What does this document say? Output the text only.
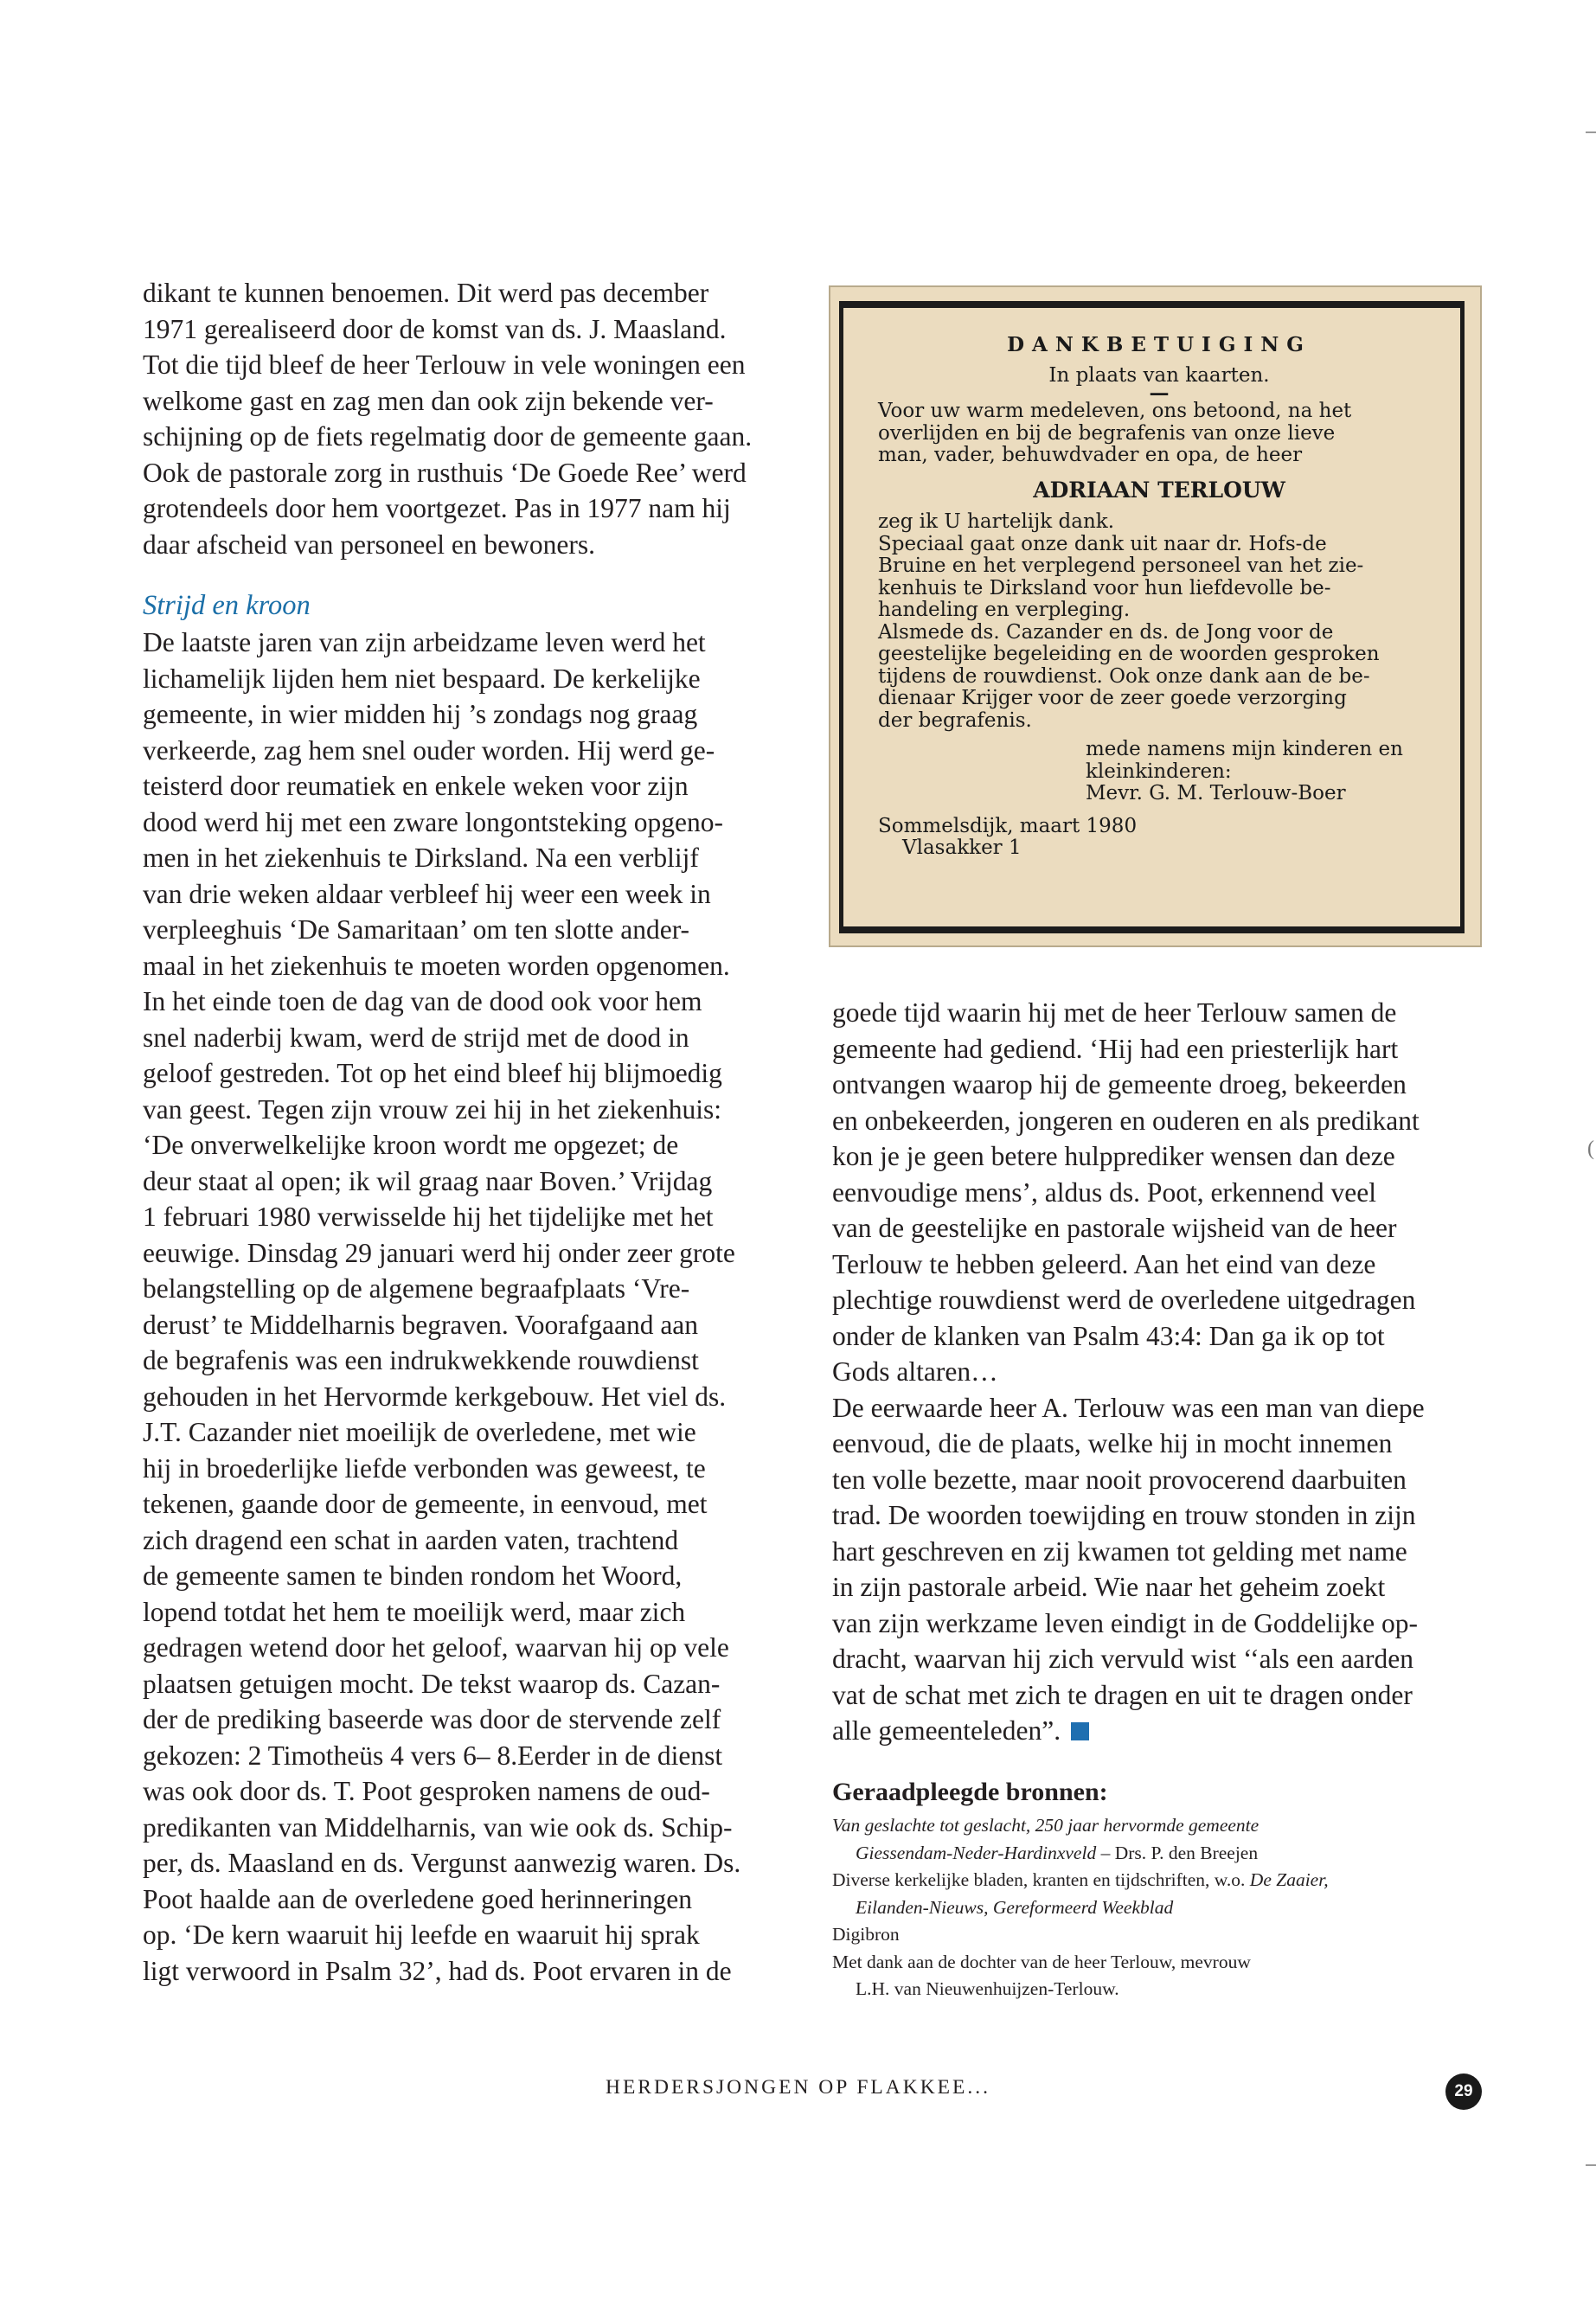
(

dikant te kunnen benoemen. Dit werd pas december

1971 gerealiseerd door de komst van ds. J. Maasland.

Tot die tijd bleef de heer Terlouw in vele woningen een

welkome gast en zag men dan ook zijn bekende ver-

schijning op de fiets regelmatig door de gemeente gaan.

Ook de pastorale zorg in rusthuis ‘De Goede Ree’ werd

grotendeels door hem voortgezet. Pas in 1977 nam hij

daar afscheid van personeel en bewoners.

Strijd en kroon

De laatste jaren van zijn arbeidzame leven werd het

lichamelijk lijden hem niet bespaard. De kerkelijke

gemeente, in wier midden hij ’s zondags nog graag

verkeerde, zag hem snel ouder worden. Hij werd ge-

teisterd door reumatiek en enkele weken voor zijn

dood werd hij met een zware longontsteking opgeno-

men in het ziekenhuis te Dirksland. Na een verblijf

van drie weken aldaar verbleef hij weer een week in

verpleeghuis ‘De Samaritaan’ om ten slotte ander-

maal in het ziekenhuis te moeten worden opgenomen.

In het einde toen de dag van de dood ook voor hem

snel naderbij kwam, werd de strijd met de dood in

geloof gestreden. Tot op het eind bleef hij blijmoedig

van geest. Tegen zijn vrouw zei hij in het ziekenhuis:

‘De onverwelkelijke kroon wordt me opgezet; de

deur staat al open; ik wil graag naar Boven.’ Vrijdag

1 februari 1980 verwisselde hij het tijdelijke met het

eeuwige. Dinsdag 29 januari werd hij onder zeer grote

belangstelling op de algemene begraafplaats ‘Vre-

derust’ te Middelharnis begraven. Voorafgaand aan

de begrafenis was een indrukwekkende rouwdienst

gehouden in het Hervormde kerkgebouw. Het viel ds.

J.T. Cazander niet moeilijk de overledene, met wie

hij in broederlijke liefde verbonden was geweest, te

tekenen, gaande door de gemeente, in eenvoud, met

zich dragend een schat in aarden vaten, trachtend

de gemeente samen te binden rondom het Woord,

lopend totdat het hem te moeilijk werd, maar zich

gedragen wetend door het geloof, waarvan hij op vele

plaatsen getuigen mocht. De tekst waarop ds. Cazan-

der de prediking baseerde was door de stervende zelf

gekozen: 2 Timotheüs 4 vers 6– 8.Eerder in de dienst

was ook door ds. T. Poot gesproken namens de oud-

predikanten van Middelharnis, van wie ook ds. Schip-

per, ds. Maasland en ds. Vergunst aanwezig waren. Ds.

Poot haalde aan de overledene goed herinneringen

op. ‘De kern waaruit hij leefde en waaruit hij sprak

ligt verwoord in Psalm 32’, had ds. Poot ervaren in de

DANKBETUIGING

In plaats van kaarten.

—

Voor uw warm medeleven, ons betoond, na het

overlijden en bij de begrafenis van onze lieve

man, vader, behuwdvader en opa, de heer

ADRIAAN TERLOUW

zeg ik U hartelijk dank.

Speciaal gaat onze dank uit naar dr. Hofs-de

Bruine en het verplegend personeel van het zie-

kenhuis te Dirksland voor hun liefdevolle be-

handeling en verpleging.

Alsmede ds. Cazander en ds. de Jong voor de

geestelijke begeleiding en de woorden gesproken

tijdens de rouwdienst. Ook onze dank aan de be-

dienaar Krijger voor de zeer goede verzorging

der begrafenis.

mede namens mijn kinderen en

kleinkinderen:

Mevr. G. M. Terlouw-Boer

Sommelsdijk, maart 1980

Vlasakker 1

goede tijd waarin hij met de heer Terlouw samen de

gemeente had gediend. ‘Hij had een priesterlijk hart

ontvangen waarop hij de gemeente droeg, bekeerden

en onbekeerden, jongeren en ouderen en als predikant

kon je je geen betere hulpprediker wensen dan deze

eenvoudige mens’, aldus ds. Poot, erkennend veel

van de geestelijke en pastorale wijsheid van de heer

Terlouw te hebben geleerd. Aan het eind van deze

plechtige rouwdienst werd de overledene uitgedragen

onder de klanken van Psalm 43:4: Dan ga ik op tot

Gods altaren…

De eerwaarde heer A. Terlouw was een man van diepe

eenvoud, die de plaats, welke hij in mocht innemen

ten volle bezette, maar nooit provocerend daarbuiten

trad. De woorden toewijding en trouw stonden in zijn

hart geschreven en zij kwamen tot gelding met name

in zijn pastorale arbeid. Wie naar het geheim zoekt

van zijn werkzame leven eindigt in de Goddelijke op-

dracht, waarvan hij zich vervuld wist ‘‘als een aarden

vat de schat met zich te dragen en uit te dragen onder

alle gemeenteleden”.

Geraadpleegde bronnen:

Van geslachte tot geslacht, 250 jaar hervormde gemeente

Giessendam-Neder-Hardinxveld – Drs. P. den Breejen

Diverse kerkelijke bladen, kranten en tijdschriften, w.o. De Zaaier,

Eilanden-Nieuws, Gereformeerd Weekblad

Digibron

Met dank aan de dochter van de heer Terlouw, mevrouw

L.H. van Nieuwenhuijzen-Terlouw.

HERDERSJONGEN OP FLAKKEE...	29
